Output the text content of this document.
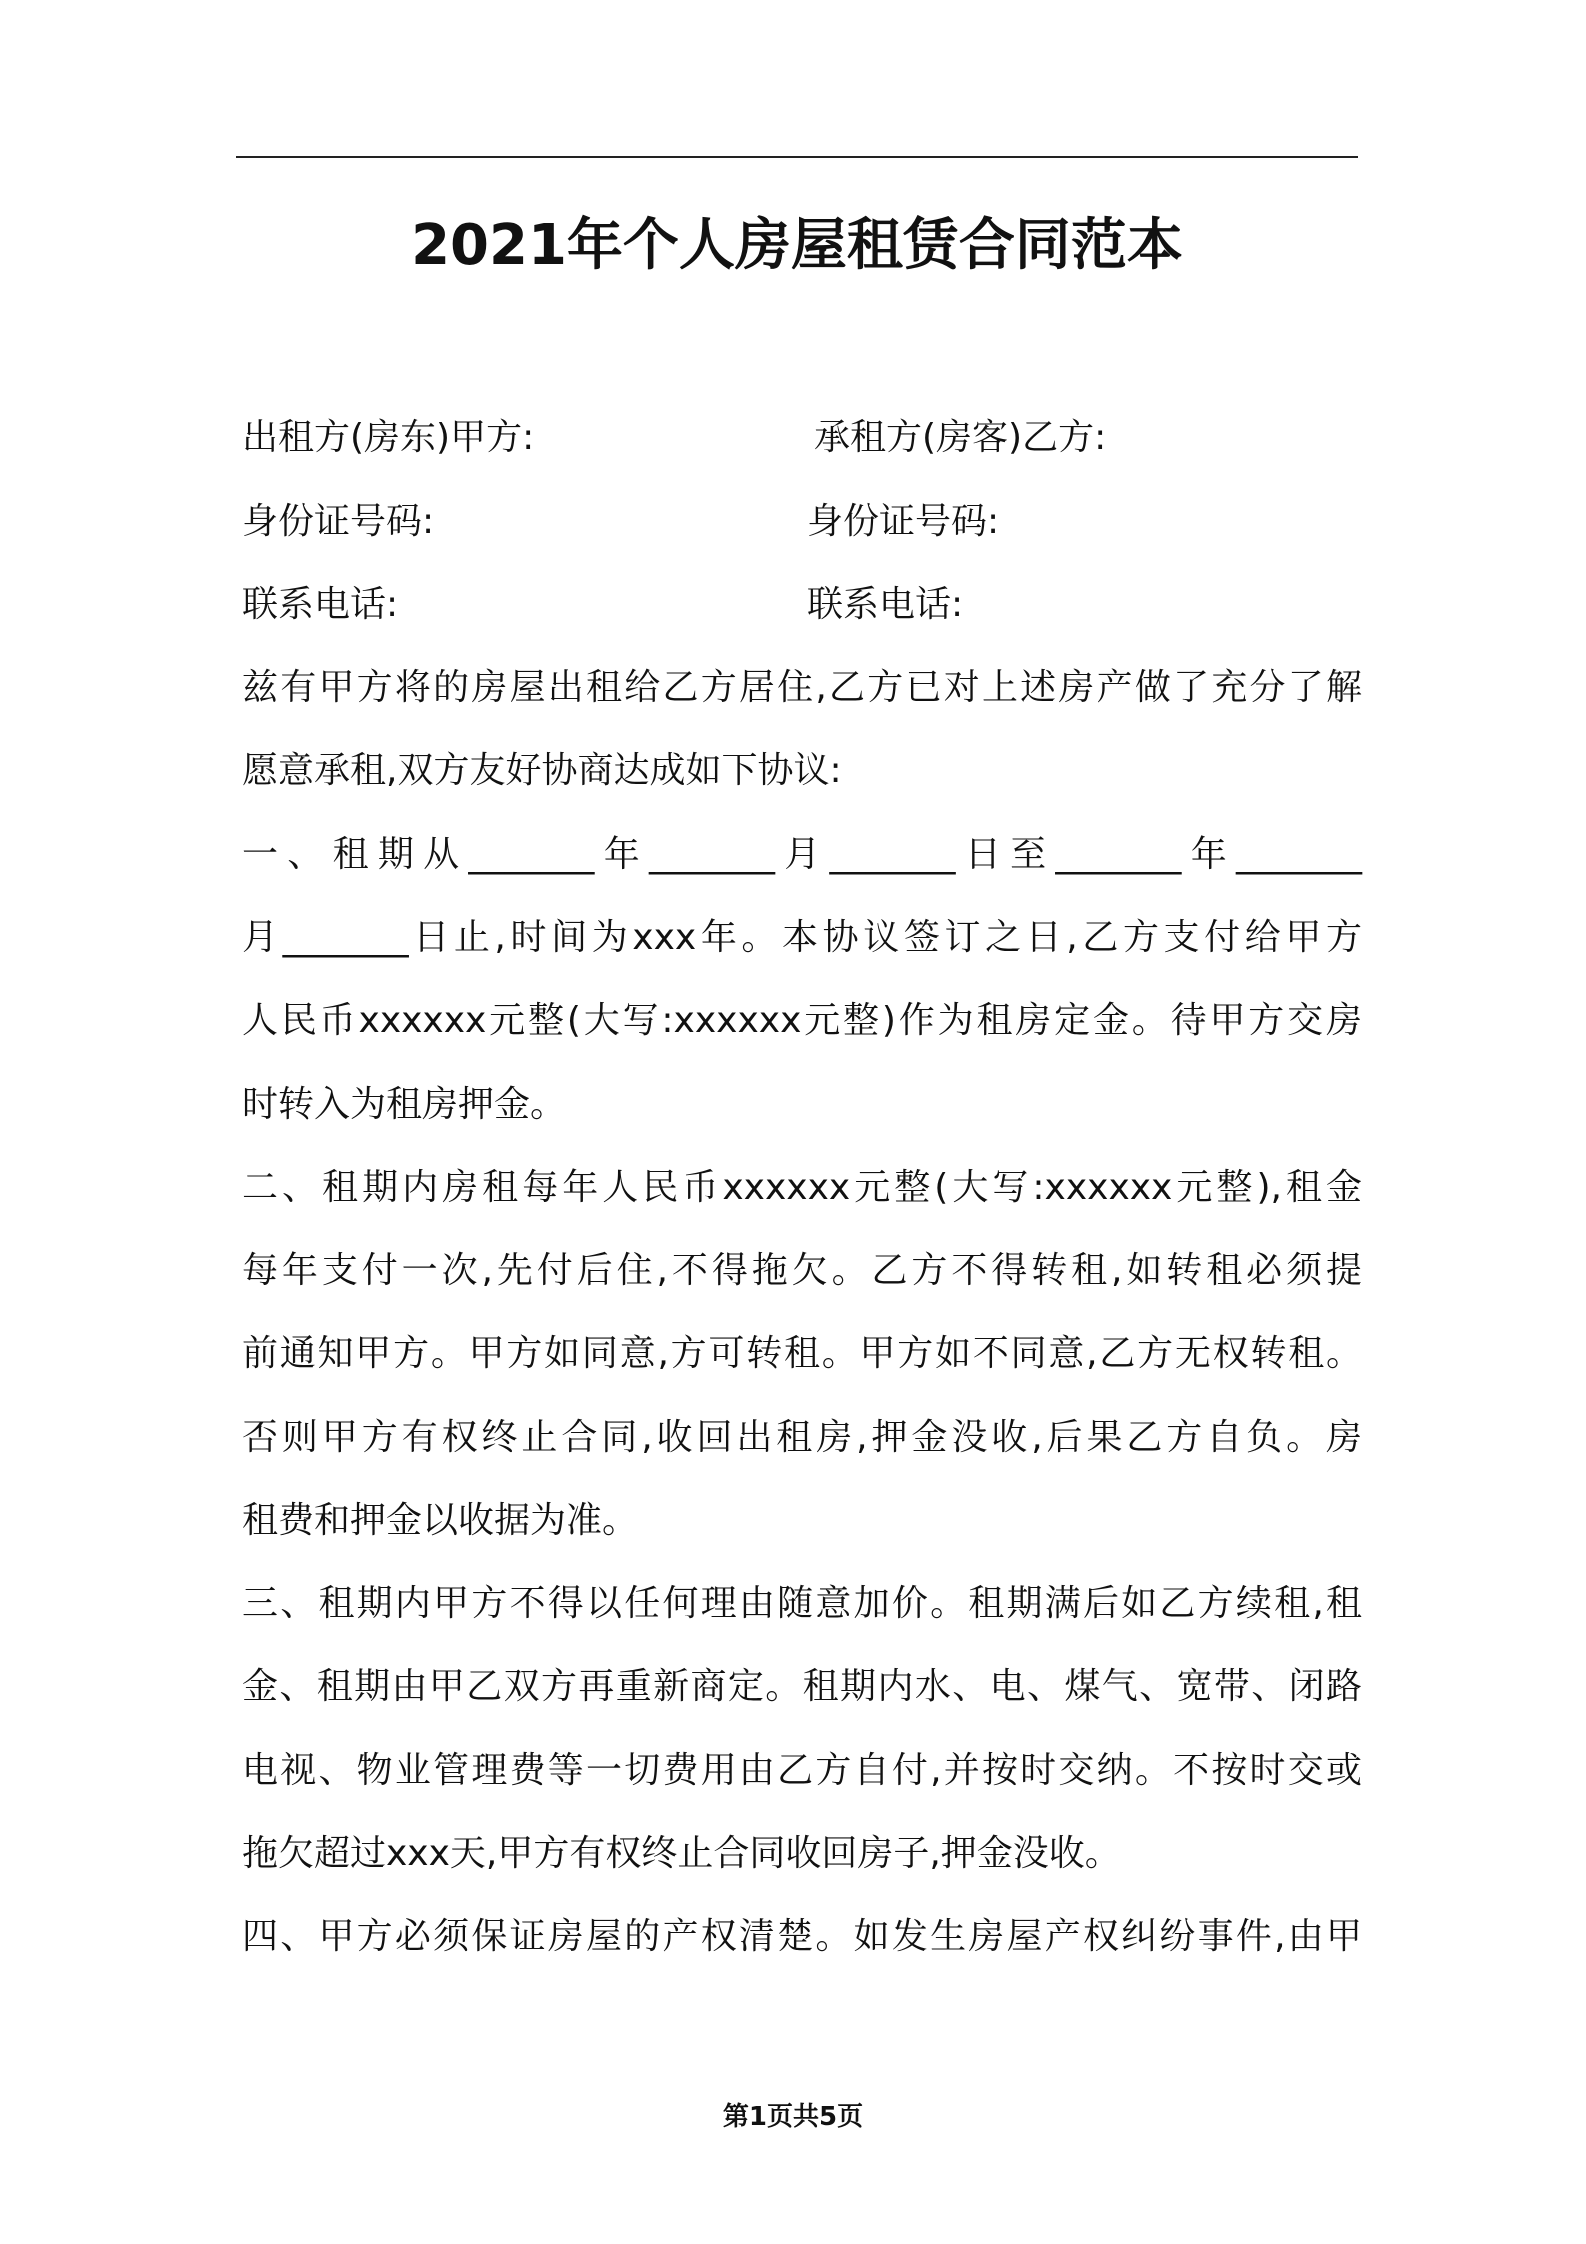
2021年个人房屋租赁合同范本
出租方(房东)甲方:	承租方(房客)乙方:
身份证号码:	身份证号码:
联系电话:	联系电话:

兹有甲方将的房屋出租给乙方居住,乙方已对上述房产做了充分了解

愿意承租,双方友好协商达成如下协议:

一、租期从_______年_______月_______日至_______年_______

月_______日止,时间为xxx年。本协议签订之日,乙方支付给甲方

人民币xxxxxx元整(大写:xxxxxx元整)作为租房定金。待甲方交房

时转入为租房押金。

二、租期内房租每年人民币xxxxxx元整(大写:xxxxxx元整),租金

每年支付一次,先付后住,不得拖欠。乙方不得转租,如转租必须提

前通知甲方。甲方如同意,方可转租。甲方如不同意,乙方无权转租。

否则甲方有权终止合同,收回出租房,押金没收,后果乙方自负。房

租费和押金以收据为准。

三、租期内甲方不得以任何理由随意加价。租期满后如乙方续租,租

金、租期由甲乙双方再重新商定。租期内水、电、煤气、宽带、闭路

电视、物业管理费等一切费用由乙方自付,并按时交纳。不按时交或

拖欠超过xxx天,甲方有权终止合同收回房子,押金没收。

四、甲方必须保证房屋的产权清楚。如发生房屋产权纠纷事件,由甲

第1页共5页
